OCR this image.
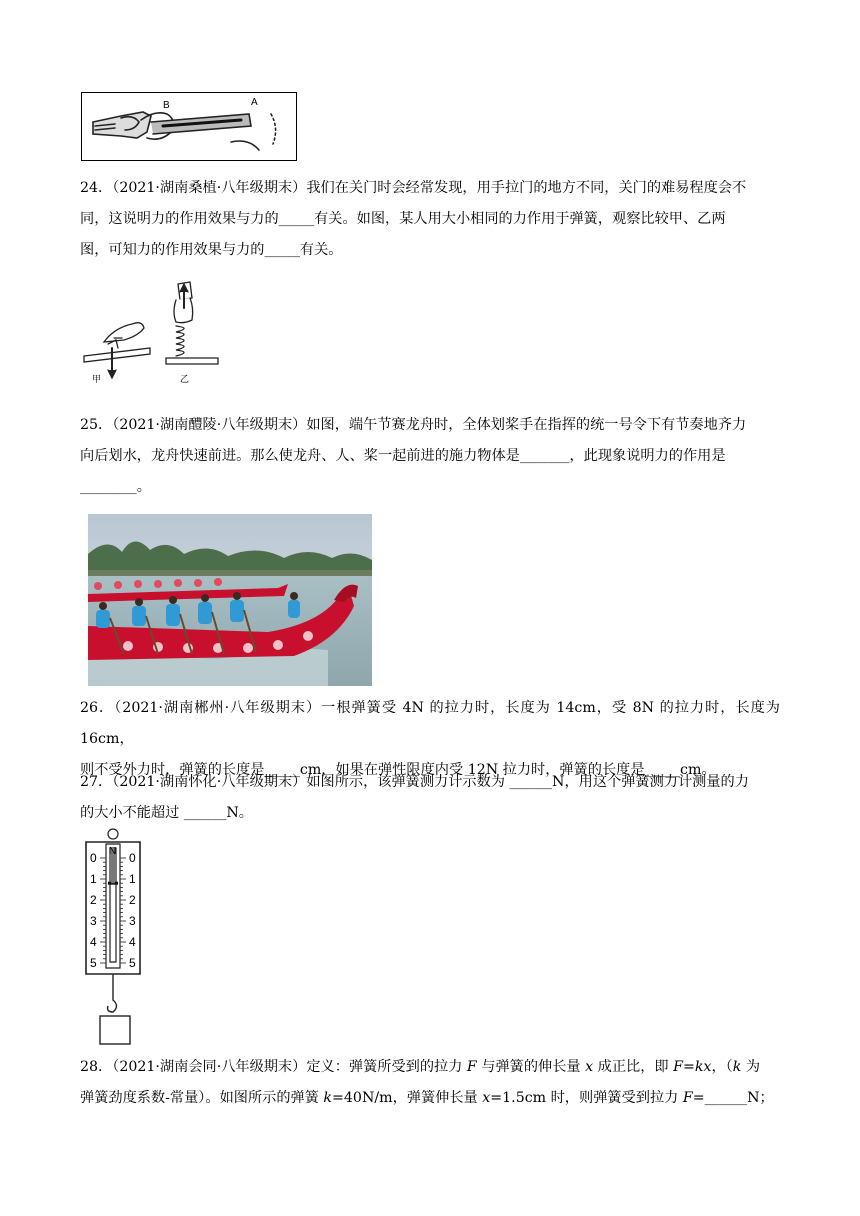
B	A
24．（2021·湖南桑植·八年级期末）我们在关门时会经常发现，用手拉门的地方不同，关门的难易程度会不
同，这说明力的作用效果与力的_____有关。如图，某人用大小相同的力作用于弹簧，观察比较甲、乙两
图，可知力的作用效果与力的_____有关。
甲	乙
25．（2021·湖南醴陵·八年级期末）如图，端午节赛龙舟时，全体划桨手在指挥的统一号令下有节奏地齐力
向后划水，龙舟快速前进。那么使龙舟、人、桨一起前进的施力物体是_______，此现象说明力的作用是
________。
26．（2021·湖南郴州·八年级期末）一根弹簧受 4N 的拉力时，长度为 14cm，受 8N 的拉力时，长度为 16cm，
则不受外力时，弹簧的长度是_____cm，如果在弹性限度内受 12N 拉力时，弹簧的长度是_____cm。
27．（2021·湖南怀化·八年级期末）如图所示，该弹簧测力计示数为 ______N，用这个弹簧测力计测量的力
的大小不能超过 ______N。
0	0
1	1
2	2
3	3
4	4
5	5
N
28．（2021·湖南会同·八年级期末）定义：弹簧所受到的拉力 F 与弹簧的伸长量 x 成正比，即 F=kx，（k 为
弹簧劲度系数-常量）。如图所示的弹簧 k=40N/m，弹簧伸长量 x=1.5cm 时，则弹簧受到拉力 F=______N；
